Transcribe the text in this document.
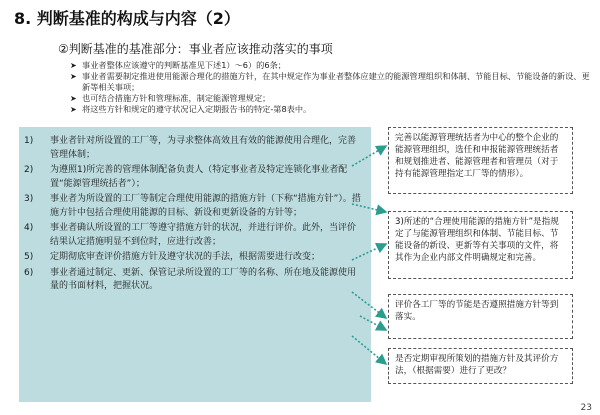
8. 判断基准的构成与内容（2）
②判断基准的基准部分：事业者应该推动落实的事项
➤ 事业者整体应该遵守的判断基准见下述1）～6）的6条；
➤ 事业者需要制定推进使用能源合理化的措施方针，在其中规定作为事业者整体应建立的能源管理组织和体制、节能目标、节能设备的新设、更新等相关事项；
➤ 也可结合措施方针和管理标准，制定能源管理规定；
➤ 将这些方针和规定的遵守状况记入定期报告书的特定-第8表中。
1)	事业者针对所设置的工厂等，为寻求整体高效且有效的能源使用合理化，完善管理体制；
2)	为遵照1)所完善的管理体制配备负责人（特定事业者及特定连锁化事业者配置“能源管理统括者”）；
3)	事业者为所设置的工厂等制定合理使用能源的措施方针（下称“措施方针”）。措施方针中包括合理使用能源的目标、新设和更新设备的方针等；
4)	事业者确认所设置的工厂等遵守措施方针的状况，并进行评价。此外，当评价结果认定措施明显不到位时，应进行改善；
5)	定期彻底审查评价措施方针及遵守状况的手法，根据需要进行改变；
6)	事业者通过制定、更新、保管记录所设置的工厂等的名称、所在地及能源使用量的书面材料，把握状况。
完善以能源管理统括者为中心的整个企业的能源管理组织，选任和申报能源管理统括者和规划推进者、能源管理者和管理员（对于持有能源管理指定工厂等的情形）。
3)所述的“合理使用能源的措施方针”是指规定了与能源管理组织和体制、节能目标、节能设备的新设、更新等有关事项的文件，将其作为企业内部文件明确规定和完善。
评价各工厂等的节能是否遵照措施方针等到落实。
是否定期审视所策划的措施方针及其评价方法，（根据需要）进行了更改？
23
